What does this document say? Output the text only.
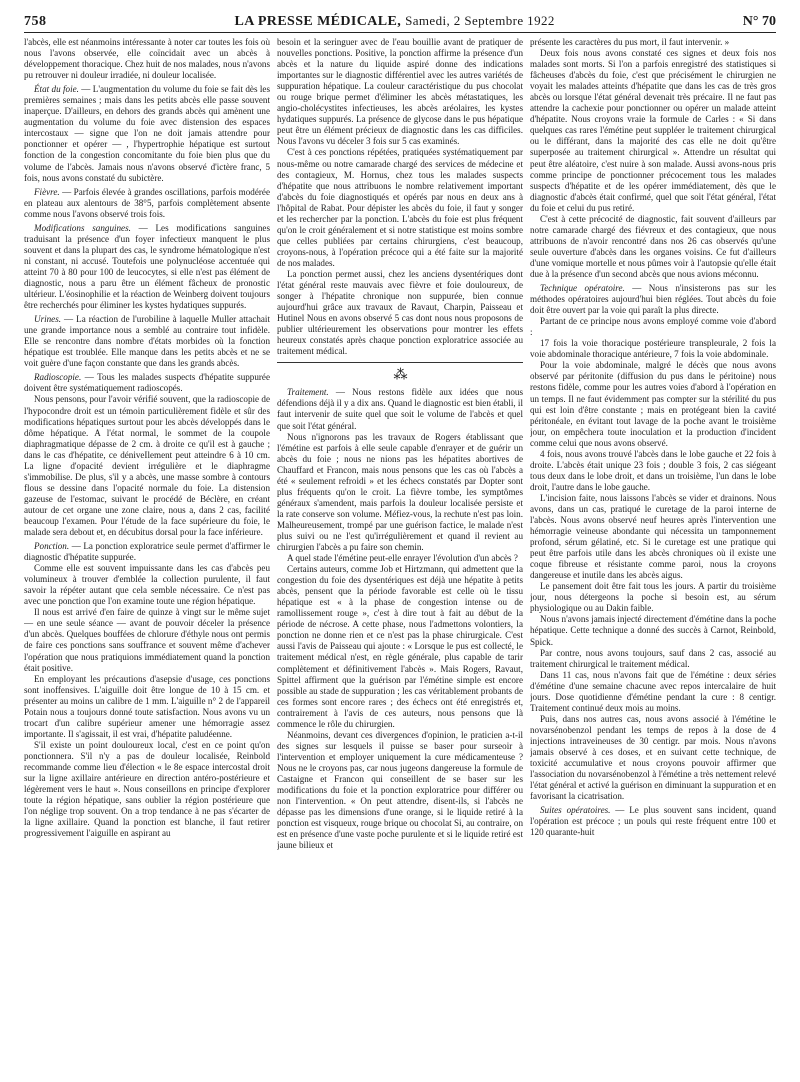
758	LA PRESSE MÉDICALE, Samedi, 2 Septembre 1922	N° 70

l'abcès, elle est néanmoins intéressante à noter car toutes les fois où nous l'avons observée, elle coïncidait avec un abcès à développement thoracique. Chez huit de nos malades, nous n'avons pu retrouver ni douleur irradiée, ni douleur localisée.

État du foie. — L'augmentation du volume du foie se fait dès les premières semaines ; mais dans les petits abcès elle passe souvent inaperçue. D'ailleurs, en dehors des grands abcès qui amènent une augmentation du volume du foie avec distension des espaces intercostaux — signe que l'on ne doit jamais attendre pour ponctionner et opérer — , l'hypertrophie hépatique est surtout fonction de la congestion concomitante du foie bien plus que du volume de l'abcès. Jamais nous n'avons observé d'ictère franc, 5 fois, nous avons constaté du subictère.

Fièvre. — Parfois élevée à grandes oscillations, parfois modérée en plateau aux alentours de 38°5, parfois complètement absente comme nous l'avons observé trois fois.

Modifications sanguines. — Les modifications sanguines traduisant la présence d'un foyer infectieux manquent le plus souvent et dans la plupart des cas, le syndrome hématologique n'est ni constant, ni accusé. Toutefois une polynucléose accentuée qui atteint 70 à 80 pour 100 de leucocytes, si elle n'est pas élément de diagnostic, nous a paru être un élément fâcheux de pronostic ultérieur. L'éosinophilie et la réaction de Weinberg doivent toujours être recherchés pour éliminer les kystes hydatiques suppurés.

Urines. — La réaction de l'urobiline à laquelle Muller attachait une grande importance nous a semblé au contraire tout infidèle. Elle se rencontre dans nombre d'états morbides où la fonction hépatique est troublée. Elle manque dans les petits abcès et ne se voit guère d'une façon constante que dans les grands abcès.

Radioscopie. — Tous les malades suspects d'hépatite suppurée doivent être systématiquement radioscopés.

Nous pensons, pour l'avoir vérifié souvent, que la radioscopie de l'hypocondre droit est un témoin particulièrement fidèle et sûr des modifications hépatiques surtout pour les abcès développés dans le dôme hépatique. A l'état normal, le sommet de la coupole diaphragmatique dépasse de 2 cm. à droite ce qu'il est à gauche ; dans le cas d'hépatite, ce déniveIlement peut atteindre 6 à 10 cm. La ligne d'opacité devient irrégulière et le diaphragme s'immobilise. De plus, s'il y a abcès, une masse sombre à contours flous se dessine dans l'opacité normale du foie. La distension gazeuse de l'estomac, suivant le procédé de Béclère, en créant autour de cet organe une zone claire, nous a, dans 2 cas, facilité beaucoup l'examen. Pour l'étude de la face supérieure du foie, le malade sera debout et, en décubitus dorsal pour la face inférieure.

Ponction. — La ponction exploratrice seule permet d'affirmer le diagnostic d'hépatite suppurée.

Comme elle est souvent impuissante dans les cas d'abcès peu volumineux à trouver d'emblée la collection purulente, il faut savoir la répéter autant que cela semble nécessaire. Ce n'est pas avec une ponction que l'on examine toute une région hépatique.

Il nous est arrivé d'en faire de quinze à vingt sur le même sujet — en une seule séance — avant de pouvoir déceler la présence d'un abcès. Quelques bouffées de chlorure d'éthyle nous ont permis de faire ces ponctions sans souffrance et souvent même d'achever l'opération que nous pratiquions immédiatement quand la ponction était positive.

En employant les précautions d'asepsie d'usage, ces ponctions sont inoffensives. L'aiguille doit être longue de 10 à 15 cm. et présenter au moins un calibre de 1 mm. L'aiguille n° 2 de l'appareil Potain nous a toujours donné toute satisfaction. Nous avons vu un trocart d'un calibre supérieur amener une hémorragie assez importante. Il s'agissait, il est vrai, d'hépatite paludéenne.

S'il existe un point douloureux local, c'est en ce point qu'on ponctionnera. S'il n'y a pas de douleur localisée, Reinbold recommande comme lieu d'élection « le 8e espace intercostal droit sur la ligne axillaire antérieure en direction antéro-postérieure et légèrement vers le haut ». Nous conseillons en principe d'explorer toute la région hépatique, sans oublier la région postérieure que l'on néglige trop souvent. On a trop tendance à ne pas s'écarter de la ligne axillaire. Quand la ponction est blanche, il faut retirer progressivement l'aiguille en aspirant au

besoin et la seringuer avec de l'eau bouillie avant de pratiquer de nouvelles ponctions. Positive, la ponction affirme la présence d'un abcès et la nature du liquide aspiré donne des indications importantes sur le diagnostic différentiel avec les autres variétés de suppuration hépatique. La couleur caractéristique du pus chocolat ou rouge brique permet d'éliminer les abcès métastatiques, les angio-cholécystites infectieuses, les abcès aréolaires, les kystes hydatiques suppurés. La présence de glycose dans le pus hépatique peut être un élément précieux de diagnostic dans les cas difficiles. Nous l'avons vu déceler 3 fois sur 5 cas examinés.

C'est à ces ponctions répétées, pratiquées systématiquement par nous-même ou notre camarade chargé des services de médecine et des contagieux, M. Hornus, chez tous les malades suspects d'hépatite que nous attribuons le nombre relativement important d'abcès du foie diagnostiqués et opérés par nous en deux ans à l'hôpital de Rabat. Pour dépister les abcès du foie, il faut y songer et les rechercher par la ponction. L'abcès du foie est plus fréquent qu'on le croit généralement et si notre statistique est moins sombre que celles publiées par certains chirurgiens, c'est beaucoup, croyons-nous, à l'opération précoce qui a été faite sur la majorité de nos malades.

La ponction permet aussi, chez les anciens dysentériques dont l'état général reste mauvais avec fièvre et foie douloureux, de songer à l'hépatite chronique non suppurée, bien connue aujourd'hui grâce aux travaux de Ravaut, Charpin, Paisseau et Hutinel Nous en avons observé 5 cas dont nous nous proposons de publier ultérieurement les observations pour montrer les effets heureux constatés après chaque ponction exploratrice associée au traitement médical.

⁂

Traitement. — Nous restons fidèle aux idées que nous défendions déjà il y a dix ans. Quand le diagnostic est bien établi, il faut intervenir de suite quel que soit le volume de l'abcès et quel que soit l'état général.

Nous n'ignorons pas les travaux de Rogers établissant que l'émétine est parfois à elle seule capable d'enrayer et de guérir un abcès du foie ; nous ne nions pas les hépatites abortives de Chauffard et Francon, mais nous pensons que les cas où l'abcès a été « seulement refroidi » et les échecs constatés par Dopter sont plus fréquents qu'on le croit. La fièvre tombe, les symptômes généraux s'amendent, mais parfois la douleur localisée persiste et la rate conserve son volume. Méfiez-vous, la rechute n'est pas loin. Malheureusement, trompé par une guérison factice, le malade n'est plus suivi ou ne l'est qu'irrégulièrement et quand il revient au chirurgien l'abcès a pu faire son chemin.

A quel stade l'émétine peut-elle enrayer l'évolution d'un abcès ?

Certains auteurs, comme Job et Hirtzmann, qui admettent que la congestion du foie des dysentériques est déjà une hépatite à petits abcès, pensent que la période favorable est celle où le tissu hépatique est « à la phase de congestion intense ou de ramollissement rouge », c'est à dire tout à fait au début de la période de nécrose. A cette phase, nous l'admettons volontiers, la ponction ne donne rien et ce n'est pas la phase chirurgicale. C'est aussi l'avis de Paisseau qui ajoute : « Lorsque le pus est collecté, le traitement médical n'est, en règle générale, plus capable de tarir complètement et définitivement l'abcès ». Mais Rogers, Ravaut, Spittel affirment que la guérison par l'émétine simple est encore possible au stade de suppuration ; les cas véritablement probants de ces formes sont encore rares ; des échecs ont été enregistrés et, contrairement à l'avis de ces auteurs, nous pensons que là commence le rôle du chirurgien.

Néanmoins, devant ces divergences d'opinion, le praticien a-t-il des signes sur lesquels il puisse se baser pour surseoir à l'intervention et employer uniquement la cure médicamenteuse ? Nous ne le croyons pas, car nous jugeons dangereuse la formule de Castaigne et Francon qui conseillent de se baser sur les modifications du foie et la ponction exploratrice pour différer ou non l'intervention. « On peut attendre, disent-ils, si l'abcès ne dépasse pas les dimensions d'une orange, si le liquide retiré à la ponction est visqueux, rouge brique ou chocolat Si, au contraire, on est en présence d'une vaste poche purulente et si le liquide retiré est jaune bilieux et

présente les caractères du pus mort, il faut intervenir. »

Deux fois nous avons constaté ces signes et deux fois nos malades sont morts. Si l'on a parfois enregistré des statistiques si fâcheuses d'abcès du foie, c'est que précisément le chirurgien ne voyait les malades atteints d'hépatite que dans les cas de très gros abcès ou lorsque l'état général devenait très précaire. Il ne faut pas attendre la cachexie pour ponctionner ou opérer un malade atteint d'hépatite. Nous croyons vraie la formule de Carles : « Si dans quelques cas rares l'émétine peut suppléer le traitement chirurgical ou le différant, dans la majorité des cas elle ne doit qu'être superposée au traitement chirurgical ». Attendre un résultat qui peut être aléatoire, c'est nuire à son malade. Aussi avons-nous pris comme principe de ponctionner précocement tous les malades suspects d'hépatite et de les opérer immédiatement, dès que le diagnostic d'abcès était confirmé, quel que soit l'état général, l'état du foie et celui du pus retiré.

C'est à cette précocité de diagnostic, fait souvent d'ailleurs par notre camarade chargé des fiévreux et des contagieux, que nous attribuons de n'avoir rencontré dans nos 26 cas observés qu'une seule ouverture d'abcès dans les organes voisins. Ce fut d'ailleurs d'une vomique mortelle et nous pûmes voir à l'autopsie qu'elle était due à la présence d'un second abcès que nous avions méconnu.

Technique opératoire. — Nous n'insisterons pas sur les méthodes opératoires aujourd'hui bien réglées. Tout abcès du foie doit être ouvert par la voie qui paraît la plus directe.

Partant de ce principe nous avons employé comme voie d'abord :

17 fois la voie thoracique postérieure transpleurale, 2 fois la voie abdominale thoracique antérieure, 7 fois la voie abdominale.

Pour la voie abdominale, malgré le décès que nous avons observé par péritonite (diffusion du pus dans le péritoine) nous restons fidèle, comme pour les autres voies d'abord à l'opération en un temps. Il ne faut évidemment pas compter sur la stérilité du pus qui est loin d'être constante ; mais en protégeant bien la cavité péritonéale, en évitant tout lavage de la poche avant le troisième jour, on empêchera toute inoculation et la production d'incident comme celui que nous avons observé.

4 fois, nous avons trouvé l'abcès dans le lobe gauche et 22 fois à droite. L'abcès était unique 23 fois ; double 3 fois, 2 cas siégeant tous deux dans le lobe droit, et dans un troisième, l'un dans le lobe droit, l'autre dans le lobe gauche.

L'incision faite, nous laissons l'abcès se vider et drainons. Nous avons, dans un cas, pratiqué le curetage de la paroi interne de l'abcès. Nous avons observé neuf heures après l'intervention une hémorragie veineuse abondante qui nécessita un tamponnement profond, sérum gélatiné, etc. Si le curetage est une pratique qui peut être parfois utile dans les abcès chroniques où il existe une coque fibreuse et résistante comme paroi, nous la croyons dangereuse et inutile dans les abcès aigus.

Le pansement doit être fait tous les jours. A partir du troisième jour, nous détergeons la poche si besoin est, au sérum physiologique ou au Dakin faible.

Nous n'avons jamais injecté directement d'émétine dans la poche hépatique. Cette technique a donné des succès à Carnot, Reinbold, Spick.

Par contre, nous avons toujours, sauf dans 2 cas, associé au traitement chirurgical le traitement médical.

Dans 11 cas, nous n'avons fait que de l'émétine : deux séries d'émétine d'une semaine chacune avec repos intercalaire de huit jours. Dose quotidienne d'émétine pendant la cure : 8 centigr. Traitement continué deux mois au moins.

Puis, dans nos autres cas, nous avons associé à l'émétine le novarsénobenzol pendant les temps de repos à la dose de 4 injections intraveineuses de 30 centigr. par mois. Nous n'avons jamais observé à ces doses, et en suivant cette technique, de toxicité accumulative et nous croyons pouvoir affirmer que l'association du novarsénobenzol à l'émétine a très nettement relevé l'état général et activé la guérison en diminuant la suppuration et en favorisant la cicatrisation.

Suites opératoires. — Le plus souvent sans incident, quand l'opération est précoce ; un pouls qui reste fréquent entre 100 et 120 quarante-huit
